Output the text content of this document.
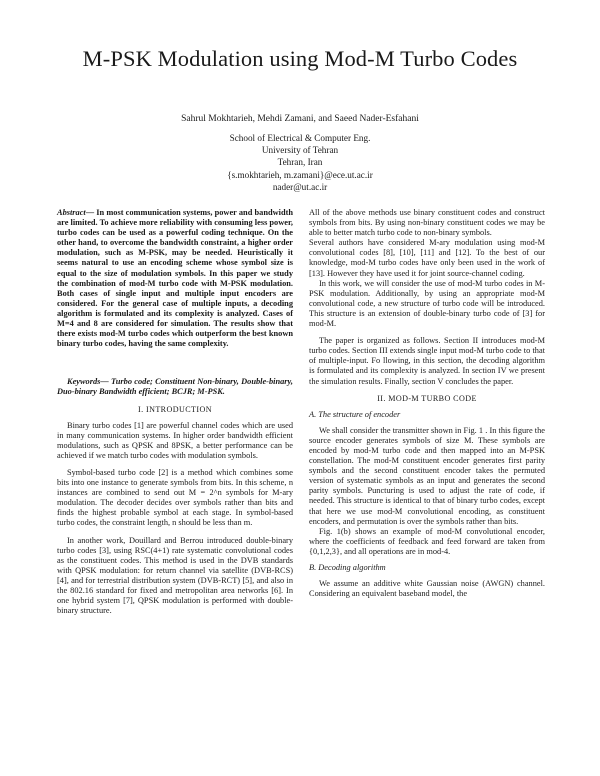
M-PSK Modulation using Mod-M Turbo Codes
Sahrul Mokhtarieh, Mehdi Zamani, and Saeed Nader-Esfahani
School of Electrical & Computer Eng.
University of Tehran
Tehran, Iran
{s.mokhtarieh, m.zamani}@ece.ut.ac.ir
nader@ut.ac.ir

Abstract— In most communication systems, power and bandwidth are limited. To achieve more reliability with consuming less power, turbo codes can be used as a powerful coding technique. On the other hand, to overcome the bandwidth constraint, a higher order modulation, such as M-PSK, may be needed. Heuristically it seems natural to use an encoding scheme whose symbol size is equal to the size of modulation symbols. In this paper we study the combination of mod-M turbo code with M-PSK modulation. Both cases of single input and multiple input encoders are considered. For the general case of multiple inputs, a decoding algorithm is formulated and its complexity is analyzed. Cases of M=4 and 8 are considered for simulation. The results show that there exists mod-M turbo codes which outperform the best known binary turbo codes, having the same complexity.

Keywords— Turbo code; Constituent Non-binary, Double-binary, Duo-binary Bandwidth efficient; BCJR; M-PSK.

I. INTRODUCTION

Binary turbo codes [1] are powerful channel codes which are used in many communication systems. In higher order bandwidth efficient modulations, such as QPSK and 8PSK, a better performance can be achieved if we match turbo codes with modulation symbols.

Symbol-based turbo code [2] is a method which combines some bits into one instance to generate symbols from bits. In this scheme, n instances are combined to send out M = 2^n symbols for M-ary modulation. The decoder decides over symbols rather than bits and finds the highest probable symbol at each stage. In symbol-based turbo codes, the constraint length, n should be less than m.

In another work, Douillard and Berrou introduced double-binary turbo codes [3], using RSC(4+1) rate systematic convolutional codes as the constituent codes. This method is used in the DVB standards with QPSK modulation: for return channel via satellite (DVB-RCS) [4], and for terrestrial distribution system (DVB-RCT) [5], and also in the 802.16 standard for fixed and metropolitan area networks [6]. In one hybrid system [7], QPSK modulation is performed with double-binary structure.

All of the above methods use binary constituent codes and construct symbols from bits. By using non-binary constituent codes we may be able to better match turbo code to non-binary symbols.

Several authors have considered M-ary modulation using mod-M convolutional codes [8], [10], [11] and [12]. To the best of our knowledge, mod-M turbo codes have only been used in the work of [13]. However they have used it for joint source-channel coding.

In this work, we will consider the use of mod-M turbo codes in M-PSK modulation. Additionally, by using an appropriate mod-M convolutional code, a new structure of turbo code will be introduced. This structure is an extension of double-binary turbo code of [3] for mod-M.

The paper is organized as follows. Section II introduces mod-M turbo codes. Section III extends single input mod-M turbo code to that of multiple-input. Fo llowing, in this section, the decoding algorithm is formulated and its complexity is analyzed. In section IV we present the simulation results. Finally, section V concludes the paper.

II. MOD-M TURBO CODE

A. The structure of encoder

We shall consider the transmitter shown in Fig. 1 . In this figure the source encoder generates symbols of size M. These symbols are encoded by mod-M turbo code and then mapped into an M-PSK constellation. The mod-M constituent encoder generates first parity symbols and the second constituent encoder takes the permuted version of systematic symbols as an input and generates the second parity symbols. Puncturing is used to adjust the rate of code, if needed. This structure is identical to that of binary turbo codes, except that here we use mod-M convolutional encoding, as constituent encoders, and permutation is over the symbols rather than bits.

Fig. 1(b) shows an example of mod-M convolutional encoder, where the coefficients of feedback and feed forward are taken from {0,1,2,3}, and all operations are in mod-4.

B. Decoding algorithm

We assume an additive white Gaussian noise (AWGN) channel. Considering an equivalent baseband model, the
